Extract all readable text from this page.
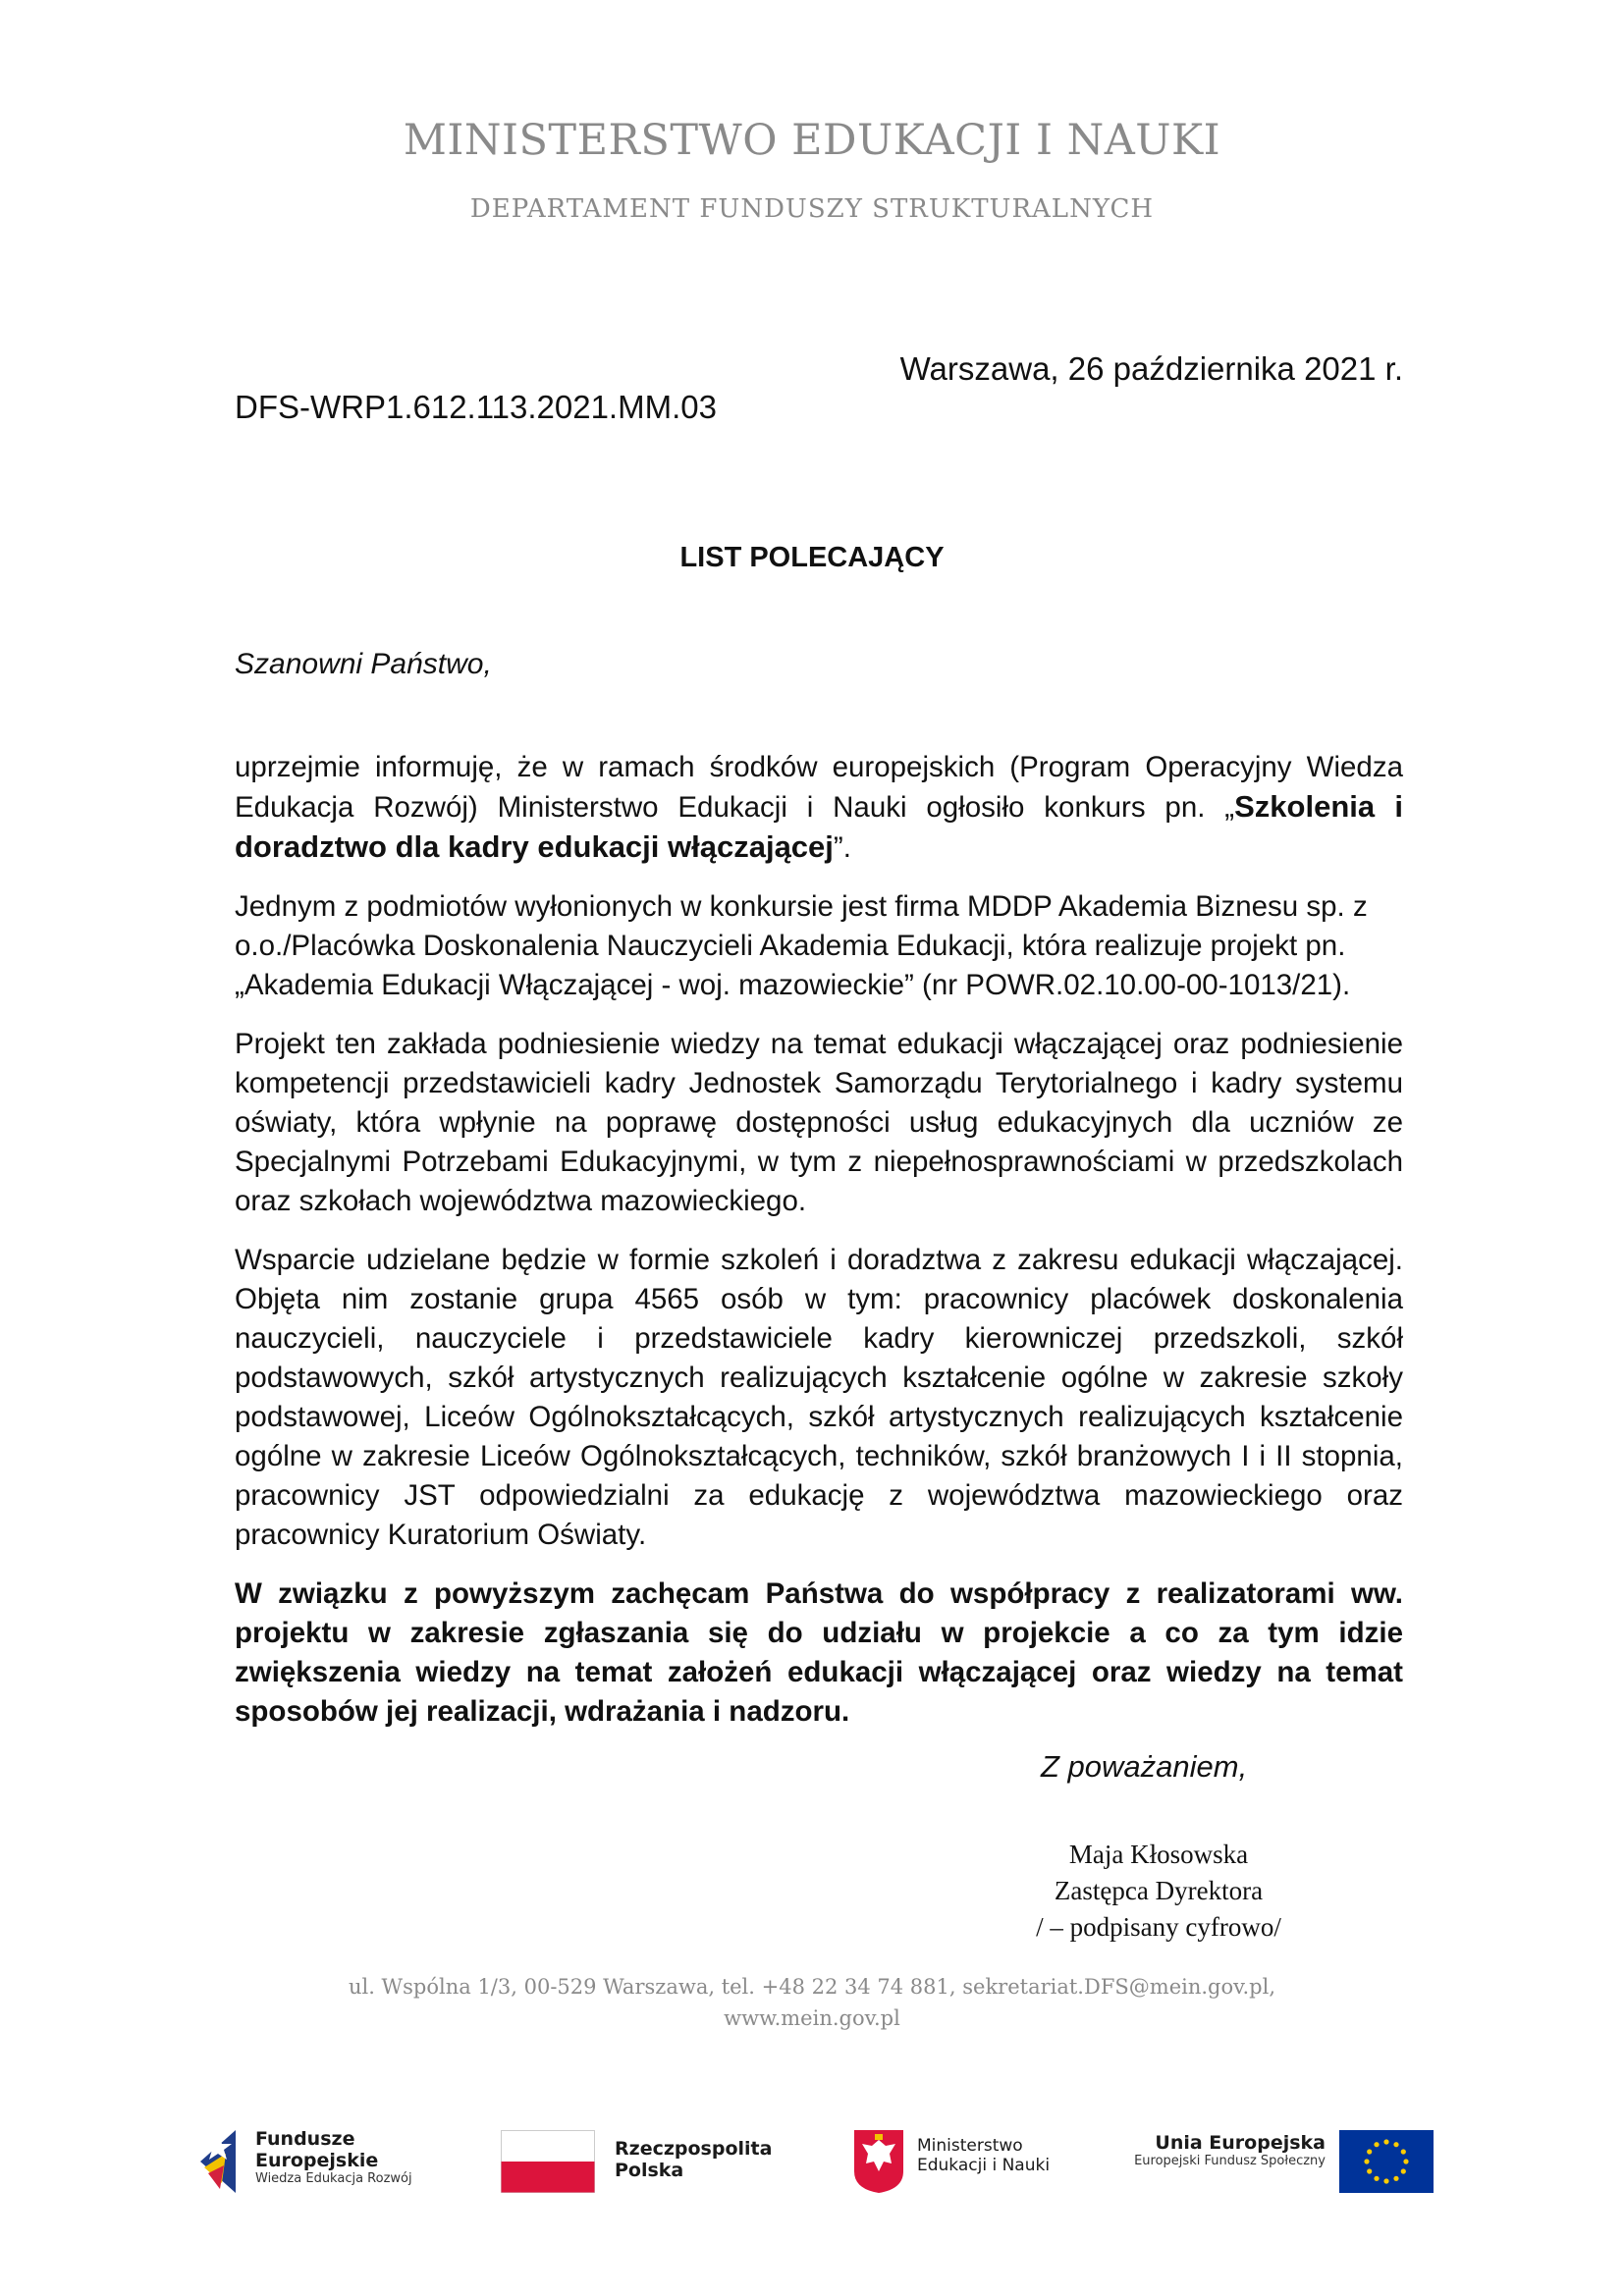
MINISTERSTWO EDUKACJI I NAUKI
DEPARTAMENT FUNDUSZY STRUKTURALNYCH
Warszawa, 26 października 2021 r.
DFS-WRP1.612.113.2021.MM.03
LIST POLECAJĄCY
Szanowni Państwo,

uprzejmie informuję, że w ramach środków europejskich (Program Operacyjny Wiedza Edukacja Rozwój) Ministerstwo Edukacji i Nauki ogłosiło konkurs pn. „Szkolenia i doradztwo dla kadry edukacji włączającej”.

Jednym z podmiotów wyłonionych w konkursie jest firma MDDP Akademia Biznesu sp. z o.o./Placówka Doskonalenia Nauczycieli Akademia Edukacji, która realizuje projekt pn. „Akademia Edukacji Włączającej - woj. mazowieckie” (nr POWR.02.10.00-00-1013/21).

Projekt ten zakłada podniesienie wiedzy na temat edukacji włączającej oraz podniesienie kompetencji przedstawicieli kadry Jednostek Samorządu Terytorialnego i kadry systemu oświaty, która wpłynie na poprawę dostępności usług edukacyjnych dla uczniów ze Specjalnymi Potrzebami Edukacyjnymi, w tym z niepełnosprawnościami w przedszkolach oraz szkołach województwa mazowieckiego.

Wsparcie udzielane będzie w formie szkoleń i doradztwa z zakresu edukacji włączającej. Objęta nim zostanie grupa 4565 osób w tym: pracownicy placówek doskonalenia nauczycieli, nauczyciele i przedstawiciele kadry kierowniczej przedszkoli, szkół podstawowych, szkół artystycznych realizujących kształcenie ogólne w zakresie szkoły podstawowej, Liceów Ogólnokształcących, szkół artystycznych realizujących kształcenie ogólne w zakresie Liceów Ogólnokształcących, techników, szkół branżowych I i II stopnia, pracownicy JST odpowiedzialni za edukację z województwa mazowieckiego oraz pracownicy Kuratorium Oświaty.

W związku z powyższym zachęcam Państwa do współpracy z realizatorami ww. projektu w zakresie zgłaszania się do udziału w projekcie a co za tym idzie zwiększenia wiedzy na temat założeń edukacji włączającej oraz wiedzy na temat sposobów jej realizacji, wdrażania i nadzoru.

Z poważaniem,
Maja Kłosowska
Zastępca Dyrektora
/ – podpisany cyfrowo/
ul. Wspólna 1/3, 00-529 Warszawa, tel. +48 22 34 74 881, sekretariat.DFS@mein.gov.pl,
www.mein.gov.pl
Fundusze
Europejskie
Wiedza Edukacja Rozwój
Rzeczpospolita
Polska
Ministerstwo
Edukacji i Nauki
Unia Europejska
Europejski Fundusz Społeczny
